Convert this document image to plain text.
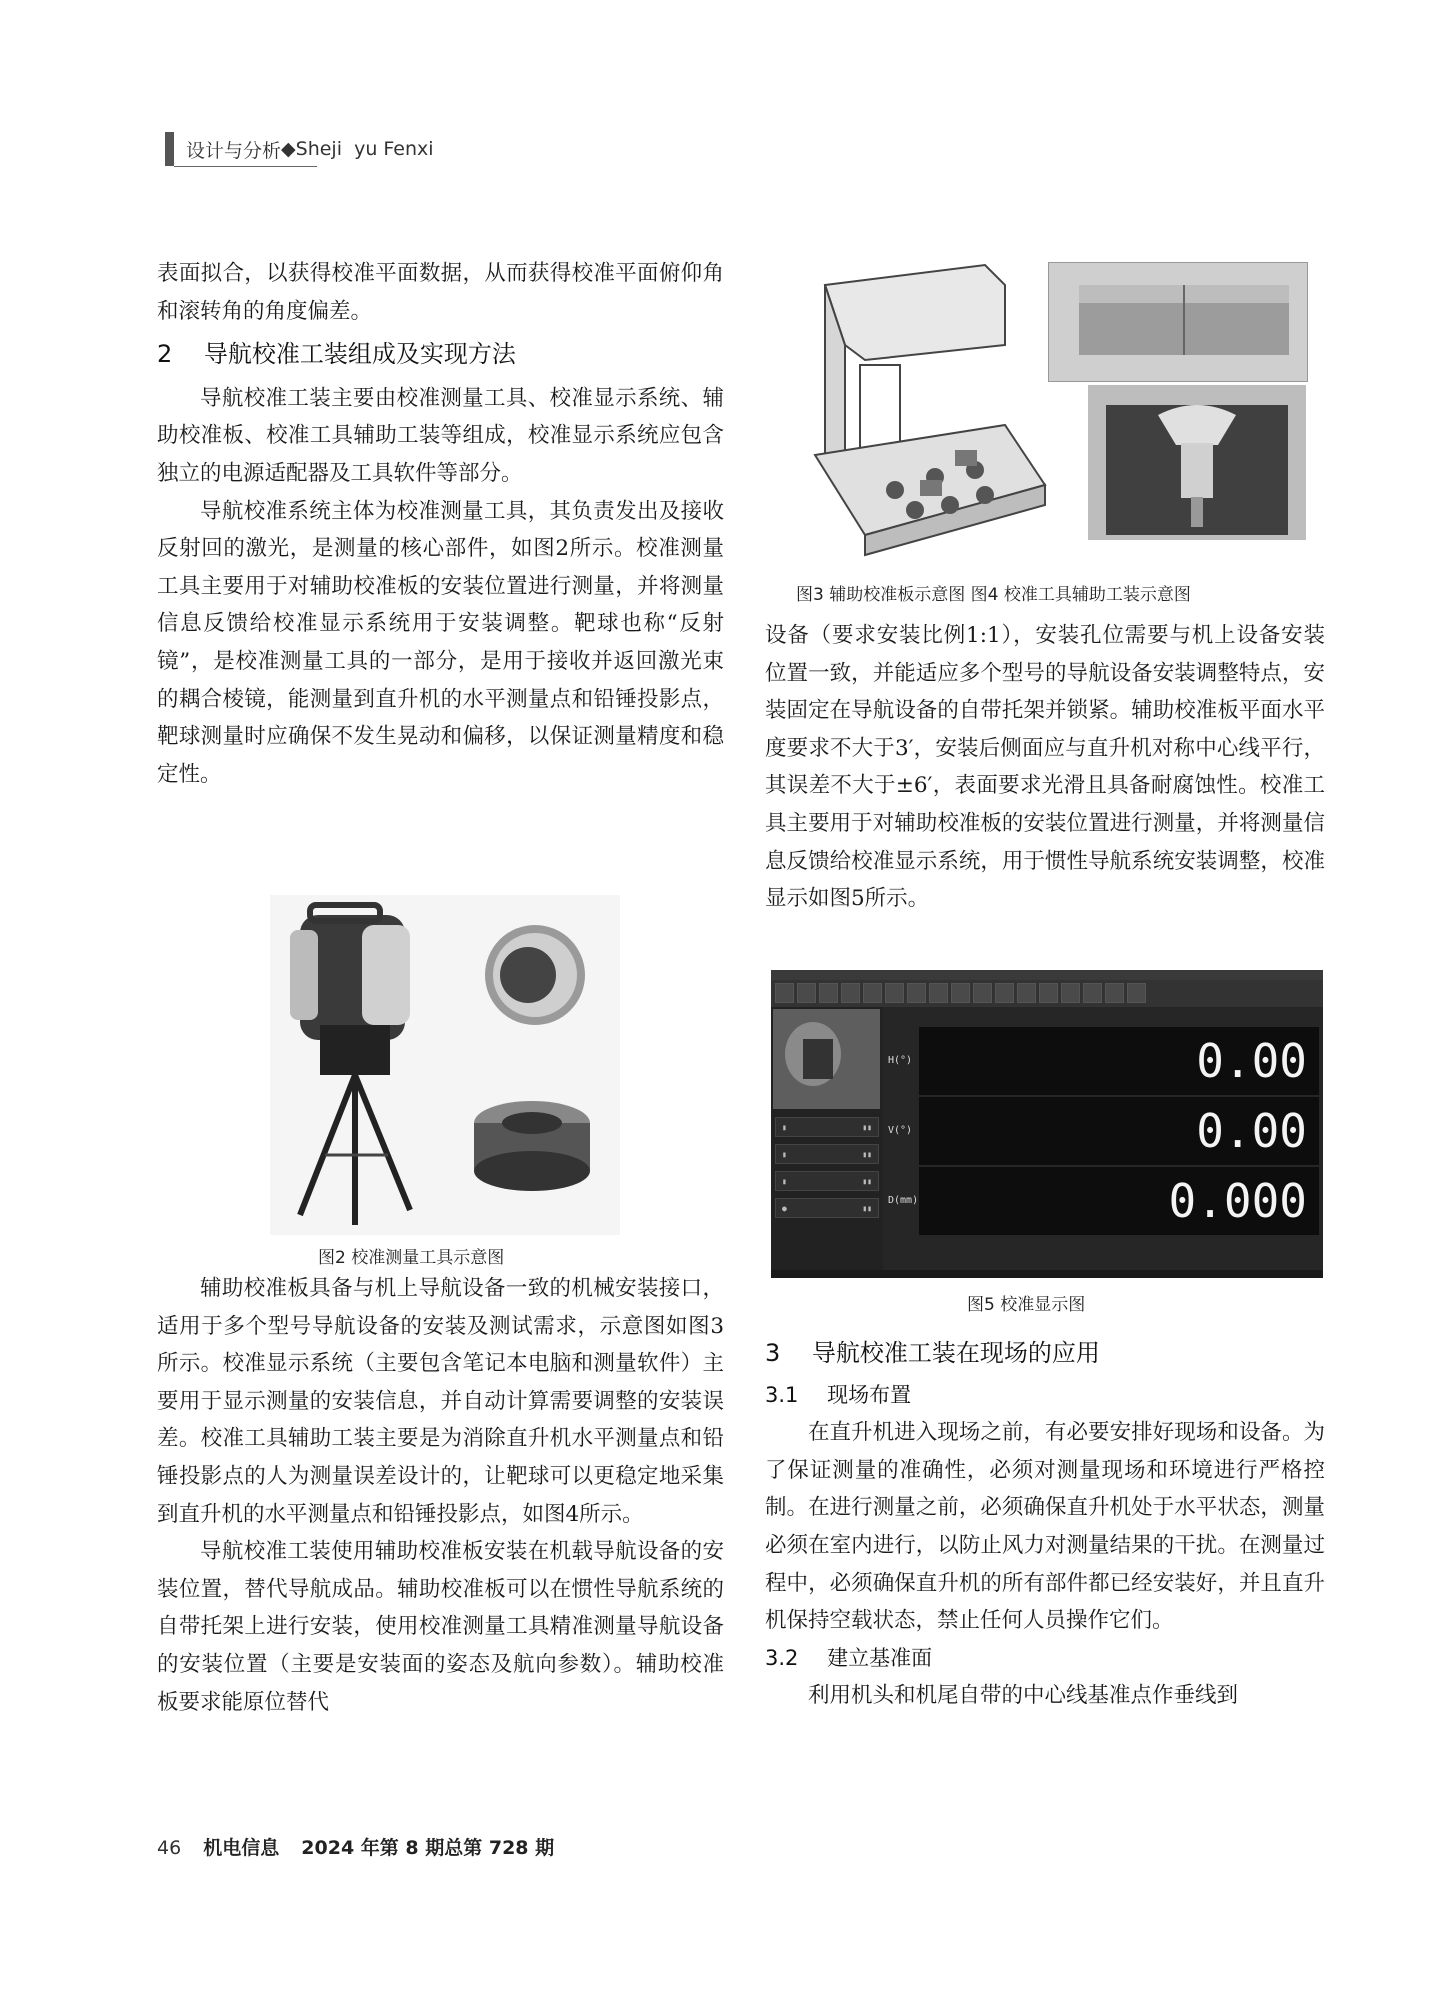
设计与分析 ◆ Sheji  yu Fenxi

表面拟合，以获得校准平面数据，从而获得校准平面俯仰角和滚转角的角度偏差。

2 导航校准工装组成及实现方法

导航校准工装主要由校准测量工具、校准显示系统、辅助校准板、校准工具辅助工装等组成，校准显示系统应包含独立的电源适配器及工具软件等部分。

导航校准系统主体为校准测量工具，其负责发出及接收反射回的激光，是测量的核心部件，如图2所示。校准测量工具主要用于对辅助校准板的安装位置进行测量，并将测量信息反馈给校准显示系统用于安装调整。靶球也称“反射镜”，是校准测量工具的一部分，是用于接收并返回激光束的耦合棱镜，能测量到直升机的水平测量点和铅锤投影点，靶球测量时应确保不发生晃动和偏移，以保证测量精度和稳定性。

图2 校准测量工具示意图

辅助校准板具备与机上导航设备一致的机械安装接口，适用于多个型号导航设备的安装及测试需求，示意图如图3所示。校准显示系统（主要包含笔记本电脑和测量软件）主要用于显示测量的安装信息，并自动计算需要调整的安装误差。校准工具辅助工装主要是为消除直升机水平测量点和铅锤投影点的人为测量误差设计的，让靶球可以更稳定地采集到直升机的水平测量点和铅锤投影点，如图4所示。

导航校准工装使用辅助校准板安装在机载导航设备的安装位置，替代导航成品。辅助校准板可以在惯性导航系统的自带托架上进行安装，使用校准测量工具精准测量导航设备的安装位置（主要是安装面的姿态及航向参数）。辅助校准板要求能原位替代

图3 辅助校准板示意图 图4 校准工具辅助工装示意图

设备（要求安装比例1:1），安装孔位需要与机上设备安装位置一致，并能适应多个型号的导航设备安装调整特点，安装固定在导航设备的自带托架并锁紧。辅助校准板平面水平度要求不大于3′，安装后侧面应与直升机对称中心线平行，其误差不大于±6′，表面要求光滑且具备耐腐蚀性。校准工具主要用于对辅助校准板的安装位置进行测量，并将测量信息反馈给校准显示系统，用于惯性导航系统安装调整，校准显示如图5所示。

▮	▮▮
▮	▮▮
▮	▮▮
●	▮▮
H(°)	0.00
V(°)	0.00
D(mm)	0.000
图5 校准显示图

3 导航校准工装在现场的应用

3.1 现场布置

在直升机进入现场之前，有必要安排好现场和设备。为了保证测量的准确性，必须对测量现场和环境进行严格控制。在进行测量之前，必须确保直升机处于水平状态，测量必须在室内进行，以防止风力对测量结果的干扰。在测量过程中，必须确保直升机的所有部件都已经安装好，并且直升机保持空载状态，禁止任何人员操作它们。

3.2 建立基准面

利用机头和机尾自带的中心线基准点作垂线到

46 机电信息 2024 年第 8 期总第 728 期
